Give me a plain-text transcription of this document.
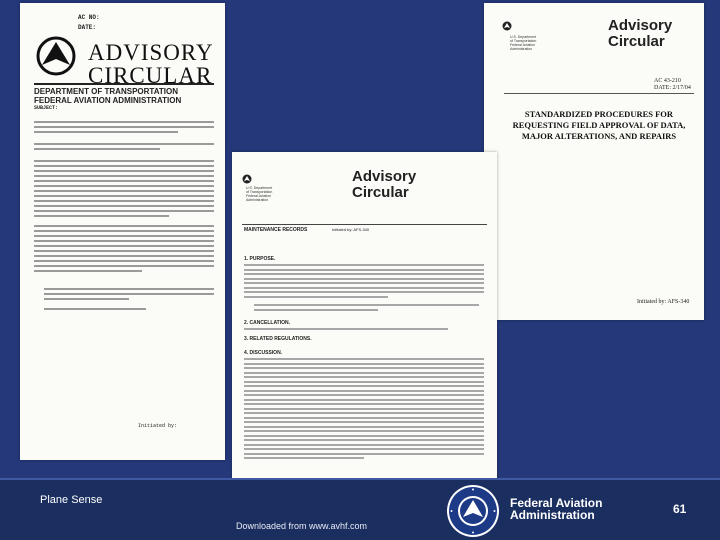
AC NO:
DATE:
ADVISORY
CIRCULAR
DEPARTMENT OF TRANSPORTATION
FEDERAL AVIATION ADMINISTRATION
SUBJECT:
Initiated by:
U.S. Department
of Transportation
Federal Aviation
Administration
Advisory
Circular
AC 43-210
DATE: 2/17/04
STANDARDIZED PROCEDURES FOR REQUESTING FIELD APPROVAL OF DATA, MAJOR ALTERATIONS, AND REPAIRS
Initiated by: AFS-340
U.S. Department
of Transportation
Federal Aviation
Administration
Advisory
Circular
MAINTENANCE RECORDS	Initiated by: AFS-340
1. PURPOSE.
2. CANCELLATION.
3. RELATED REGULATIONS.
4. DISCUSSION.
Plane Sense
Downloaded from www.avhf.com
Federal Aviation
Administration	61
